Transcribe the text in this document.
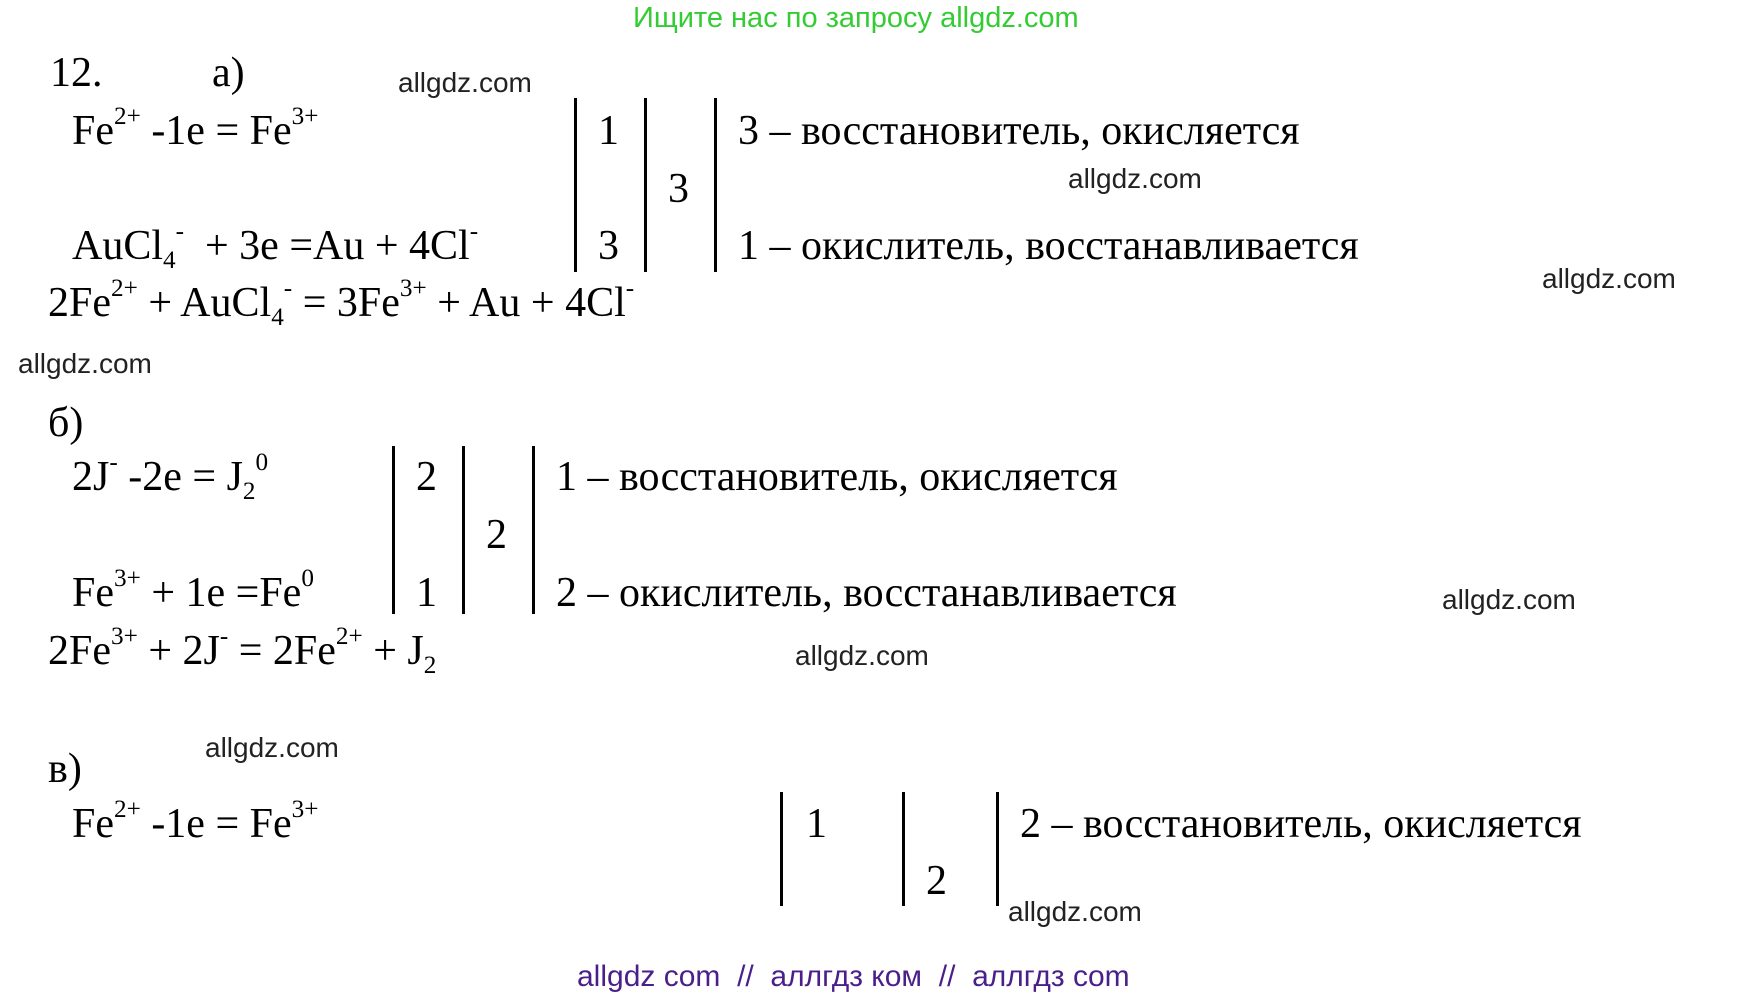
Ищите нас по запросу allgdz.com
12.	а)
$Fe^{2+}$ $-1e = Fe^{3+}$
AuCl$_4$-  + 3e =Au + 4Cl-
$2Fe^{2+}$ + AuCl$_4$- = $3Fe^{3+} + Au + 4Cl^-$
1
3
3
3 – восстановитель, окисляется
1 – окислитель, восстанавливается
б)
2J- $-2e = J_2^0$
$Fe^{3+} + 1e =Fe^0$
$2Fe^{3+} + 2J^- = 2Fe^{2+} + J_2$
2
1
2
1 – восстановитель, окисляется
2 – окислитель, восстанавливается
в)
$Fe^{2+}$ $-1e = Fe^{3+}$	1
2
2 – восстановитель, окисляется
allgdz.com
allgdz.com
allgdz.com
allgdz.com
allgdz.com
allgdz.com
allgdz.com
allgdz.com
allgdz com  //  аллгдз ком  //  аллгдз com
